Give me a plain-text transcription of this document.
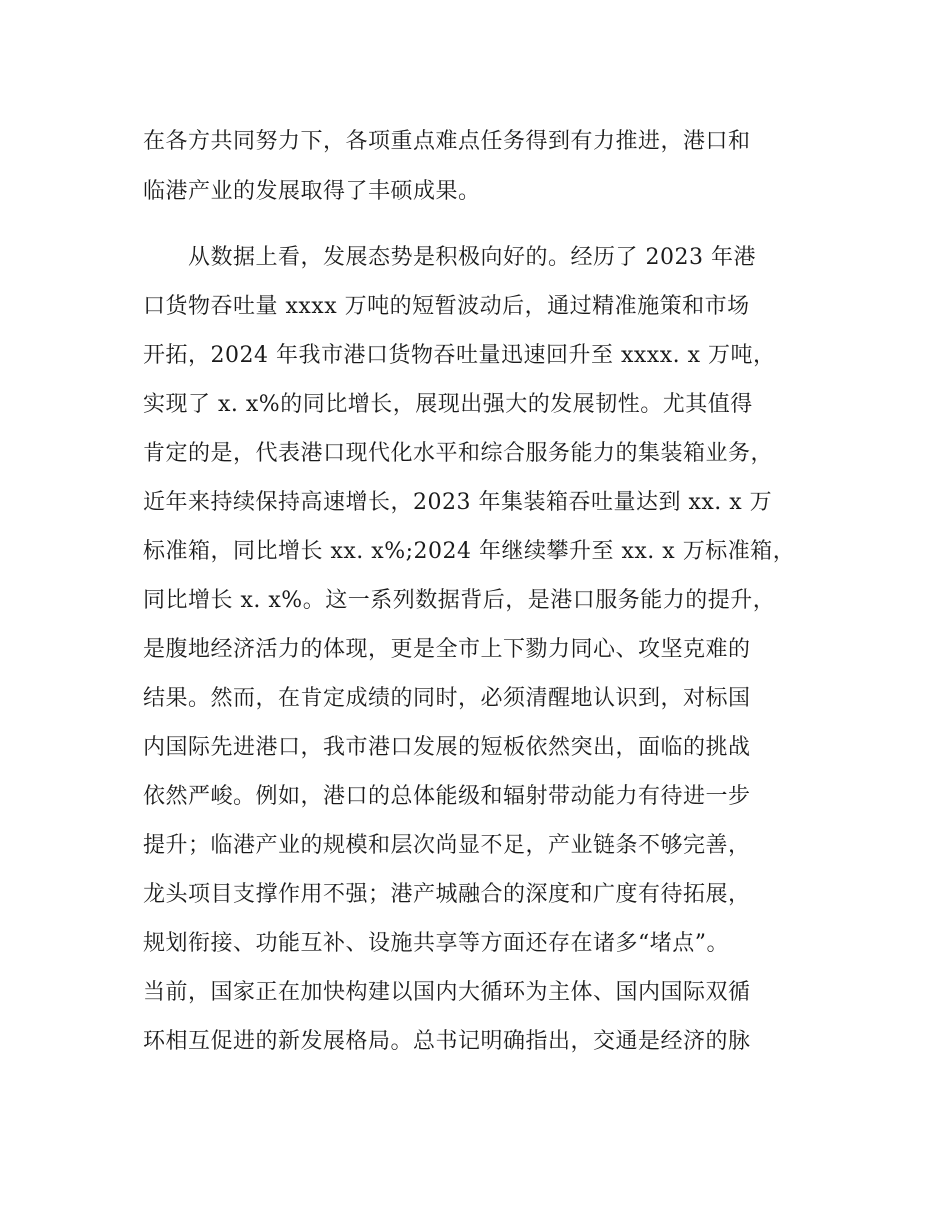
在各方共同努力下，各项重点难点任务得到有力推进，港口和

临港产业的发展取得了丰硕成果。

从数据上看，发展态势是积极向好的。经历了 2023 年港

口货物吞吐量 xxxx 万吨的短暂波动后，通过精准施策和市场

开拓，2024 年我市港口货物吞吐量迅速回升至 xxxx. x 万吨，

实现了 x. x%的同比增长，展现出强大的发展韧性。尤其值得

肯定的是，代表港口现代化水平和综合服务能力的集装箱业务，

近年来持续保持高速增长，2023 年集装箱吞吐量达到 xx. x 万

标准箱，同比增长 xx. x%;2024 年继续攀升至 xx. x 万标准箱，

同比增长 x. x%。这一系列数据背后，是港口服务能力的提升，

是腹地经济活力的体现，更是全市上下勠力同心、攻坚克难的

结果。然而，在肯定成绩的同时，必须清醒地认识到，对标国

内国际先进港口，我市港口发展的短板依然突出，面临的挑战

依然严峻。例如，港口的总体能级和辐射带动能力有待进一步

提升；临港产业的规模和层次尚显不足，产业链条不够完善，

龙头项目支撑作用不强；港产城融合的深度和广度有待拓展，

规划衔接、功能互补、设施共享等方面还存在诸多“堵点”。

当前，国家正在加快构建以国内大循环为主体、国内国际双循

环相互促进的新发展格局。总书记明确指出，交通是经济的脉
